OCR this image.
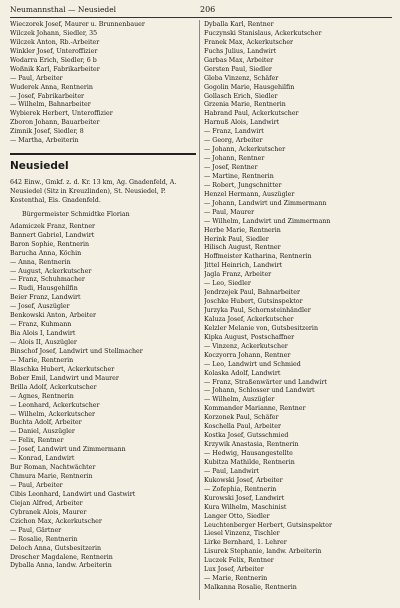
Neumannsthal — Neusiedel	206
Wieczorek Josef, Maurer u. Brunnenbauer
Wilczek Johann, Siedler, 35
Wilczek Anton, Rb.-Arbeiter
Winkler Josef, Unteroffizier
Wodarra Erich, Siedler, 6 b
Woßnik Karl, Fabrikarbeiter
— Paul, Arbeiter
Wuderek Anna, Rentnerin
— Josef, Fabrikarbeiter
— Wilhelm, Bahnarbeiter
Wybierek Herbert, Unteroffizier
Zboron Johann, Bauarbeiter
Zimnik Josef, Siedler, 8
— Martha, Arbeiterin
Neusiedel
642 Einw., Gmkf. z. d. Kr. 13 km, Ag. Gnadenfeld, A. Neusiedel (Sitz in Kreuzlinden), St. Neusiedel, P. Kostenthal, Eis. Gnadenfeld.
Bürgermeister Schmidtke Florian
Adamiczek Franz, Rentner
Bannert Gabriel, Landwirt
Baron Sophie, Rentnerin
Barucha Anna, Köchin
— Anna, Rentnerin
— August, Ackerkutscher
— Franz, Schuhmacher
— Rudi, Hausgehilfin
Beier Franz, Landwirt
— Josef, Auszügler
Benkowski Anton, Arbeiter
— Franz, Kuhmann
Bia Alois I, Landwirt
— Alois II, Auszügler
Binschof Josef, Landwirt und Stellmacher
— Marie, Rentnerin
Blaschka Hubert, Ackerkutscher
Bober Emil, Landwirt und Maurer
Brilla Adolf, Ackerkutscher
— Agnes, Rentnerin
— Leonhard, Ackerkutscher
— Wilhelm, Ackerkutscher
Buchta Adolf, Arbeiter
— Daniel, Auszügler
— Felix, Rentner
— Josef, Landwirt und Zimmermann
— Konrad, Landwirt
Bur Roman, Nachtwächter
Chmura Marie, Rentnerin
— Paul, Arbeiter
Cibis Leonhard, Landwirt und Gastwirt
Ciejan Alfred, Arbeiter
Cybranek Alois, Maurer
Czichon Max, Ackerkutscher
— Paul, Gärtner
— Rosalie, Rentnerin
Deloch Anna, Gutsbesitzerin
Drescher Magdalene, Rentnerin
Dyballa Anna, landw. Arbeiterin
Dyballa Karl, Rentner
Fuczynski Stanislaus, Ackerkutscher
Franek Max, Ackerkutscher
Fuchs Julius, Landwirt
Garbas Max, Arbeiter
Gersten Paul, Siedler
Gleba Vinzenz, Schäfer
Gogolin Marie, Hausgehilfin
Gollasch Erich, Siedler
Grzenia Marie, Rentnerin
Habrand Paul, Ackerkutscher
Harnuß Alois, Landwirt
— Franz, Landwirt
— Georg, Arbeiter
— Johann, Ackerkutscher
— Johann, Rentner
— Josef, Rentner
— Martine, Rentnerin
— Robert, Jungschnitter
Henzel Hermann, Auszügler
— Johann, Landwirt und Zimmermann
— Paul, Maurer
— Wilhelm, Landwirt und Zimmermann
Herbe Marie, Rentnerin
Herink Paul, Siedler
Hilisch August, Rentner
Hoffmeister Katharina, Rentnerin
Jittel Heinrich, Landwirt
Jagla Franz, Arbeiter
— Leo, Siedler
Jendrzejek Paul, Bahnarbeiter
Joschke Hubert, Gutsinspektor
Jurzyka Paul, Schornsteinhändler
Kaluza Josef, Ackerkutscher
Kelzler Melanie von, Gutsbesitzerin
Kipka August, Postschaffner
— Vinzenz, Ackerkutscher
Koczyorra Johann, Rentner
— Leo, Landwirt und Schmied
Kolaska Adolf, Landwirt
— Franz, Straßenwärter und Landwirt
— Johann, Schlosser und Landwirt
— Wilhelm, Auszügler
Kommander Marianne, Rentner
Korzonek Paul, Schäfer
Koschella Paul, Arbeiter
Kostka Josef, Gutsschmied
Krzywik Anastasia, Rentnerin
— Hedwig, Hausangestellte
Kubitza Mathilde, Rentnerin
— Paul, Landwirt
Kukowski Josef, Arbeiter
— Zofephia, Rentnerin
Kurowski Josef, Landwirt
Kura Wilhelm, Maschinist
Langer Otto, Siedler
Leuchtenberger Herbert, Gutsinspektor
Liesel Vinzenz, Tischler
Lirke Bernhard, 1. Lehrer
Lisurek Stephanie, landw. Arbeiterin
Luczek Felix, Rentner
Lux Josef, Arbeiter
— Marie, Rentnerin
Malkanna Rosalie, Rentnerin
